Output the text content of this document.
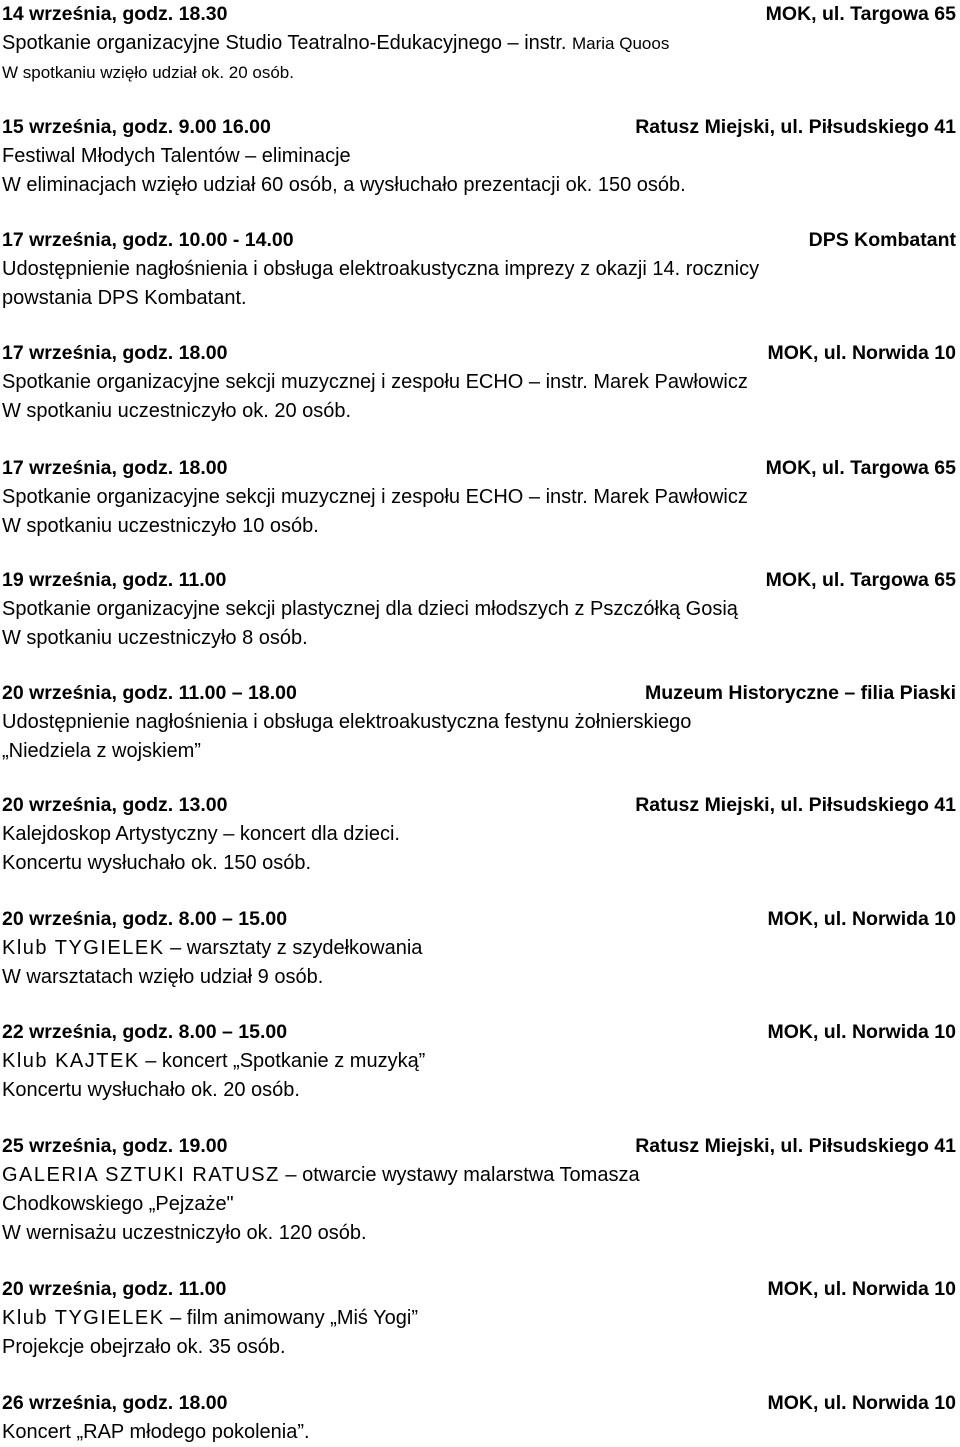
14 września, godz. 18.30	MOK, ul. Targowa 65
Spotkanie organizacyjne Studio Teatralno-Edukacyjnego – instr. Maria Quoos
W spotkaniu wzięło udział ok. 20 osób.
15 września, godz. 9.00 16.00	Ratusz Miejski, ul. Piłsudskiego 41
Festiwal Młodych Talentów – eliminacje
W eliminacjach wzięło udział 60 osób, a wysłuchało prezentacji ok. 150 osób.
17 września, godz. 10.00 - 14.00	DPS Kombatant
Udostępnienie nagłośnienia i obsługa elektroakustyczna imprezy z okazji 14. rocznicy
powstania DPS Kombatant.
17 września, godz. 18.00	MOK, ul. Norwida 10
Spotkanie organizacyjne sekcji muzycznej i zespołu ECHO – instr. Marek Pawłowicz
W spotkaniu uczestniczyło ok. 20 osób.
17 września, godz. 18.00	MOK, ul. Targowa 65
Spotkanie organizacyjne sekcji muzycznej i zespołu ECHO – instr. Marek Pawłowicz
W spotkaniu uczestniczyło 10 osób.
19 września, godz. 11.00	MOK, ul. Targowa 65
Spotkanie organizacyjne sekcji plastycznej dla dzieci młodszych z Pszczółką Gosią
W spotkaniu uczestniczyło 8 osób.
20 września, godz. 11.00 – 18.00	Muzeum Historyczne – filia Piaski
Udostępnienie nagłośnienia i obsługa elektroakustyczna festynu żołnierskiego
„Niedziela z wojskiem”
20 września, godz. 13.00	Ratusz Miejski, ul. Piłsudskiego 41
Kalejdoskop Artystyczny – koncert dla dzieci.
Koncertu wysłuchało ok. 150 osób.
20 września, godz. 8.00 – 15.00	MOK, ul. Norwida 10
Klub TYGIELEK – warsztaty z szydełkowania
W warsztatach wzięło udział 9 osób.
22 września, godz. 8.00 – 15.00	MOK, ul. Norwida 10
Klub KAJTEK – koncert „Spotkanie z muzyką”
Koncertu wysłuchało ok. 20 osób.
25 września, godz. 19.00	Ratusz Miejski, ul. Piłsudskiego 41
GALERIA SZTUKI RATUSZ – otwarcie wystawy malarstwa Tomasza
Chodkowskiego „Pejzaże"
W wernisażu uczestniczyło ok. 120 osób.
20 września, godz. 11.00	MOK, ul. Norwida 10
Klub TYGIELEK – film animowany „Miś Yogi”
Projekcje obejrzało ok. 35 osób.
26 września, godz. 18.00	MOK, ul. Norwida 10
Koncert „RAP młodego pokolenia”.
